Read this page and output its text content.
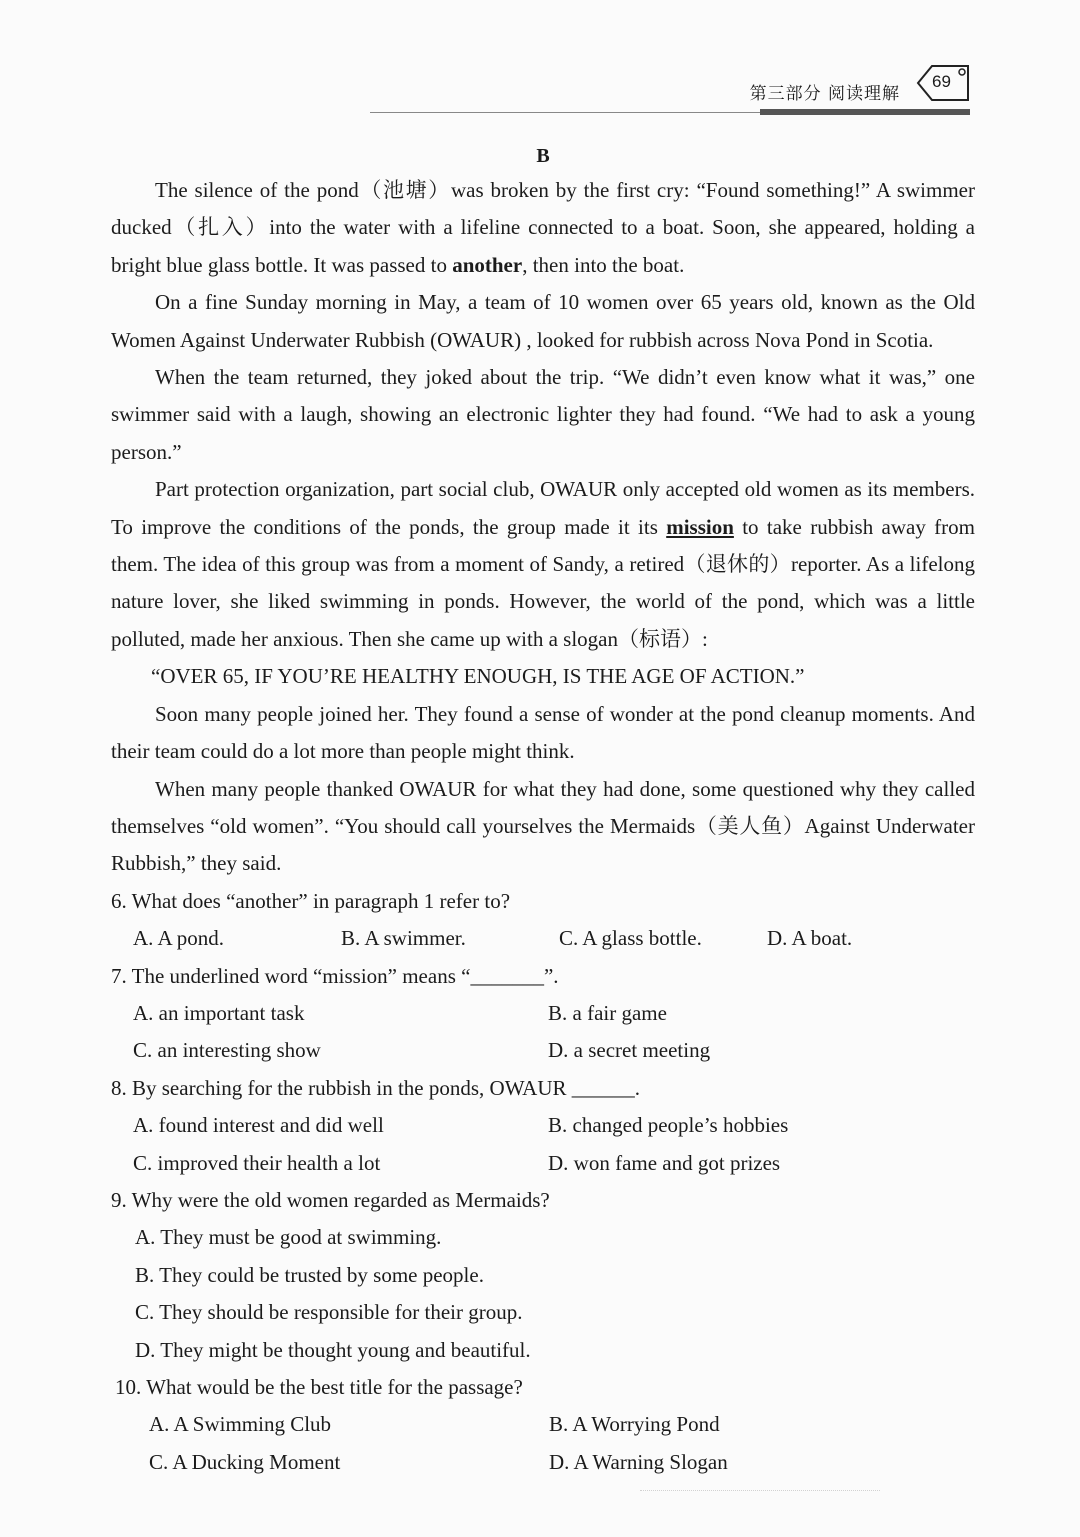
第三部分 阅读理解
69
B

The silence of the pond（池塘）was broken by the first cry: “Found something!” A swimmer ducked（扎入）into the water with a lifeline connected to a boat. Soon, she appeared, holding a bright blue glass bottle. It was passed to another, then into the boat.

On a fine Sunday morning in May, a team of 10 women over 65 years old, known as the Old Women Against Underwater Rubbish (OWAUR) , looked for rubbish across Nova Pond in Scotia.

When the team returned, they joked about the trip. “We didn’t even know what it was,” one swimmer said with a laugh, showing an electronic lighter they had found. “We had to ask a young person.”

Part protection organization, part social club, OWAUR only accepted old women as its members. To improve the conditions of the ponds, the group made it its mission to take rubbish away from them. The idea of this group was from a moment of Sandy, a retired（退休的）reporter. As a lifelong nature lover, she liked swimming in ponds. However, the world of the pond, which was a little polluted, made her anxious. Then she came up with a slogan（标语）:

“OVER 65, IF YOU’RE HEALTHY ENOUGH, IS THE AGE OF ACTION.”

Soon many people joined her. They found a sense of wonder at the pond cleanup moments. And their team could do a lot more than people might think.

When many people thanked OWAUR for what they had done, some questioned why they called themselves “old women”. “You should call yourselves the Mermaids（美人鱼）Against Underwater Rubbish,” they said.

6. What does “another” in paragraph 1 refer to?

A. A pond.	B. A swimmer.	C. A glass bottle.	D. A boat.

7. The underlined word “mission” means “_______”.

A. an important task	B. a fair game
C. an interesting show	D. a secret meeting

8. By searching for the rubbish in the ponds, OWAUR ______.

A. found interest and did well	B. changed people’s hobbies
C. improved their health a lot	D. won fame and got prizes

9. Why were the old women regarded as Mermaids?

A. They must be good at swimming.

B. They could be trusted by some people.

C. They should be responsible for their group.

D. They might be thought young and beautiful.

10. What would be the best title for the passage?

A. A Swimming Club	B. A Worrying Pond
C. A Ducking Moment	D. A Warning Slogan
